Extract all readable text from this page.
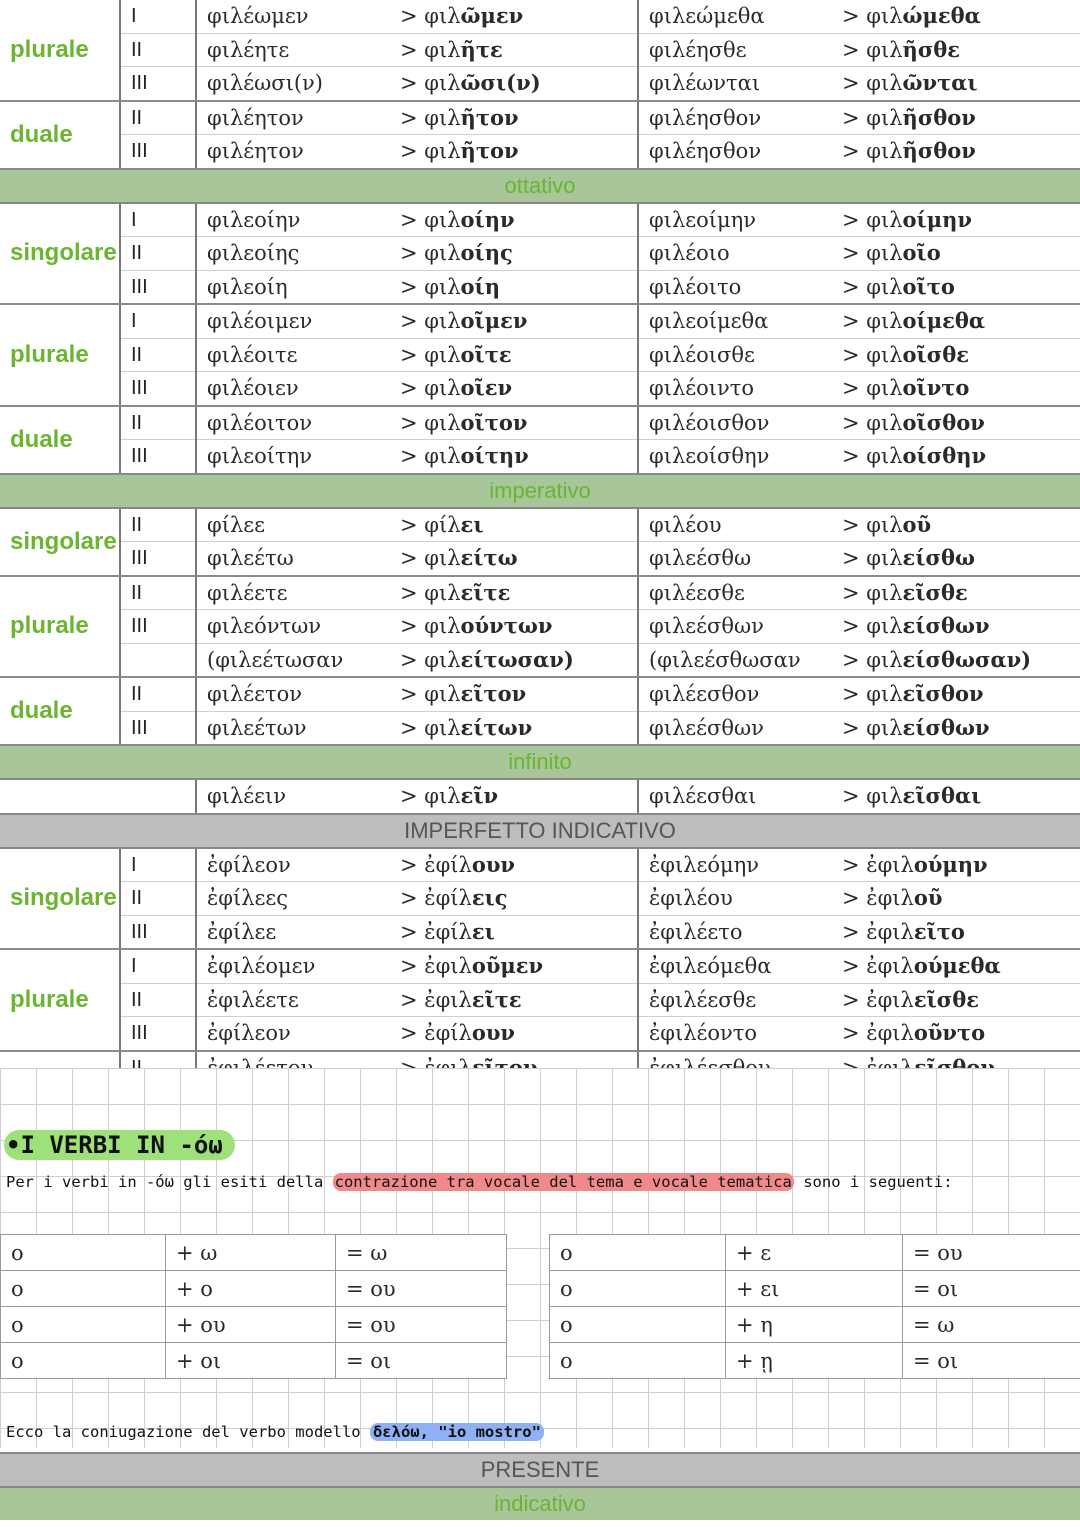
plurale	I	φιλέωμεν	> φιλῶμεν	φιλεώμεθα	> φιλώμεθα
	II	φιλέητε	> φιλῆτε	φιλέησθε	> φιλῆσθε
	III	φιλέωσι(ν)	> φιλῶσι(ν)	φιλέωνται	> φιλῶνται
duale	II	φιλέητον	> φιλῆτον	φιλέησθον	> φιλῆσθον
	III	φιλέητον	> φιλῆτον	φιλέησθον	> φιλῆσθον
ottativo					
singolare	I	φιλεοίην	> φιλοίην	φιλεοίμην	> φιλοίμην
	II	φιλεοίης	> φιλοίης	φιλέοιο	> φιλοῖο
	III	φιλεοίη	> φιλοίη	φιλέοιτο	> φιλοῖτο
plurale	I	φιλέοιμεν	> φιλοῖμεν	φιλεοίμεθα	> φιλοίμεθα
	II	φιλέοιτε	> φιλοῖτε	φιλέοισθε	> φιλοῖσθε
	III	φιλέοιεν	> φιλοῖεν	φιλέοιντο	> φιλοῖντο
duale	II	φιλέοιτον	> φιλοῖτον	φιλέοισθον	> φιλοῖσθον
	III	φιλεοίτην	> φιλοίτην	φιλεοίσθην	> φιλοίσθην
imperativo					
singolare	II	φίλεε	> φίλει	φιλέου	> φιλοῦ
	III	φιλεέτω	> φιλείτω	φιλεέσθω	> φιλείσθω
plurale	II	φιλέετε	> φιλεῖτε	φιλέεσθε	> φιλεῖσθε
	III	φιλεόντων	> φιλούντων	φιλεέσθων	> φιλείσθων
		(φιλεέτωσαν	> φιλείτωσαν)	(φιλεέσθωσαν	> φιλείσθωσαν)
duale	II	φιλέετον	> φιλεῖτον	φιλέεσθον	> φιλεῖσθον
	III	φιλεέτων	> φιλείτων	φιλεέσθων	> φιλείσθων
infinito					
		φιλέειν	> φιλεῖν	φιλέεσθαι	> φιλεῖσθαι
IMPERFETTO INDICATIVO					
singolare	I	ἐφίλεον	> ἐφίλουν	ἐφιλεόμην	> ἐφιλούμην
	II	ἐφίλεες	> ἐφίλεις	ἐφιλέου	> ἐφιλοῦ
	III	ἐφίλεε	> ἐφίλει	ἐφιλέετο	> ἐφιλεῖτο
plurale	I	ἐφιλέομεν	> ἐφιλοῦμεν	ἐφιλεόμεθα	> ἐφιλούμεθα
	II	ἐφιλέετε	> ἐφιλεῖτε	ἐφιλέεσθε	> ἐφιλεῖσθε
	III	ἐφίλεον	> ἐφίλουν	ἐφιλέοντο	> ἐφιλοῦντο

•I VERBI IN -όω
Per i verbi in -όω gli esiti della contrazione tra vocale del tema e vocale tematica sono i seguenti:
ο	+ ω	= ω
ο	+ ο	= ου
ο	+ ου	= ου
ο	+ οι	= οι
ο	+ ε	= ου
ο	+ ει	= οι
ο	+ η	= ω
ο	+ ῃ	= οι
Ecco la coniugazione del verbo modello δελόω, "io mostro"
PRESENTE
indicativo
